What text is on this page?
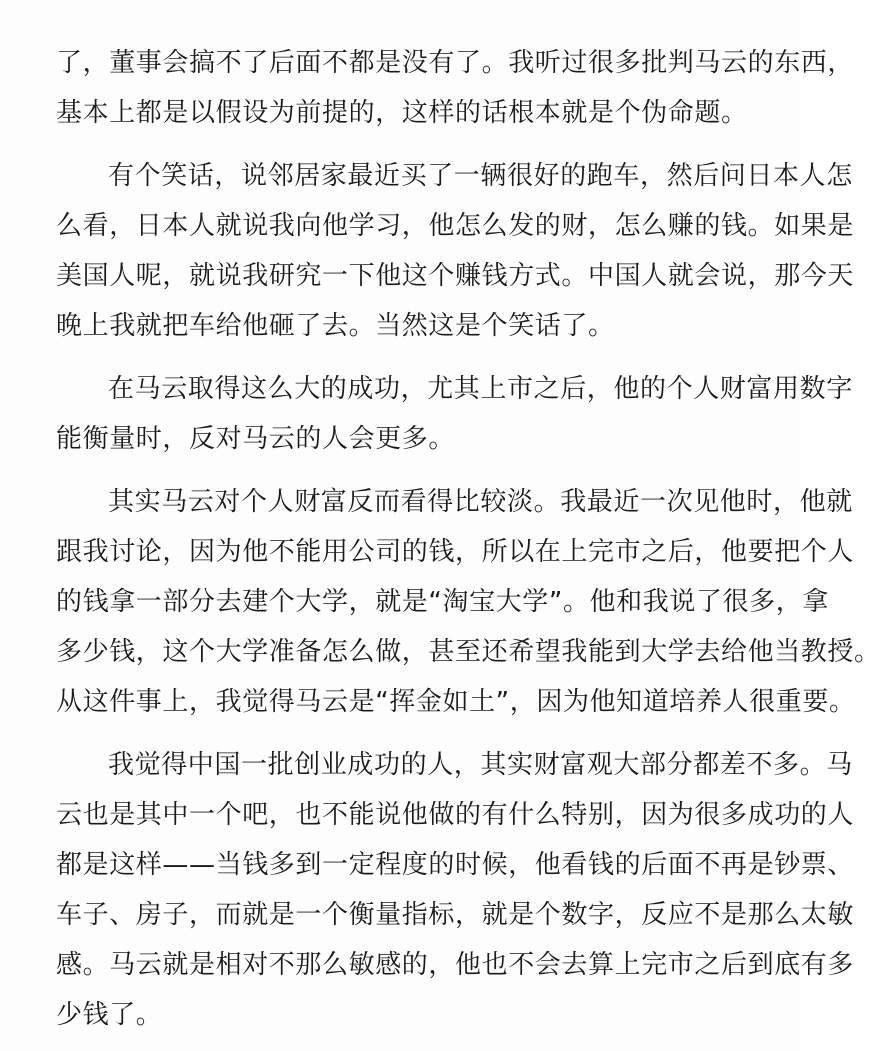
了，董事会搞不了后面不都是没有了。我听过很多批判马云的东西，
基本上都是以假设为前提的，这样的话根本就是个伪命题。
有个笑话，说邻居家最近买了一辆很好的跑车，然后问日本人怎
么看，日本人就说我向他学习，他怎么发的财，怎么赚的钱。如果是
美国人呢，就说我研究一下他这个赚钱方式。中国人就会说，那今天
晚上我就把车给他砸了去。当然这是个笑话了。
在马云取得这么大的成功，尤其上市之后，他的个人财富用数字
能衡量时，反对马云的人会更多。
其实马云对个人财富反而看得比较淡。我最近一次见他时，他就
跟我讨论，因为他不能用公司的钱，所以在上完市之后，他要把个人
的钱拿一部分去建个大学，就是“淘宝大学”。他和我说了很多，拿
多少钱，这个大学准备怎么做，甚至还希望我能到大学去给他当教授。
从这件事上，我觉得马云是“挥金如土”，因为他知道培养人很重要。
我觉得中国一批创业成功的人，其实财富观大部分都差不多。马
云也是其中一个吧，也不能说他做的有什么特别，因为很多成功的人
都是这样——当钱多到一定程度的时候，他看钱的后面不再是钞票、
车子、房子，而就是一个衡量指标，就是个数字，反应不是那么太敏
感。马云就是相对不那么敏感的，他也不会去算上完市之后到底有多
少钱了。
